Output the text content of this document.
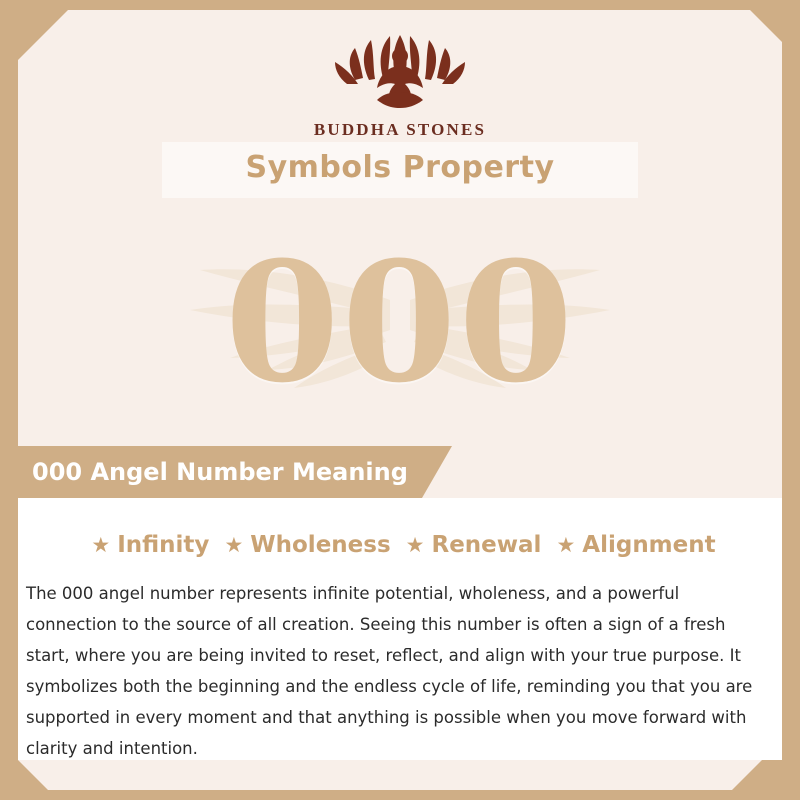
BUDDHA STONES
Symbols Property
000
000 Angel Number Meaning
★ Infinity ★ Wholeness ★ Renewal ★ Alignment
The 000 angel number represents infinite potential, wholeness, and a powerful connection to the source of all creation. Seeing this number is often a sign of a fresh start, where you are being invited to reset, reflect, and align with your true purpose. It symbolizes both the beginning and the endless cycle of life, reminding you that you are supported in every moment and that anything is possible when you move forward with clarity and intention.
